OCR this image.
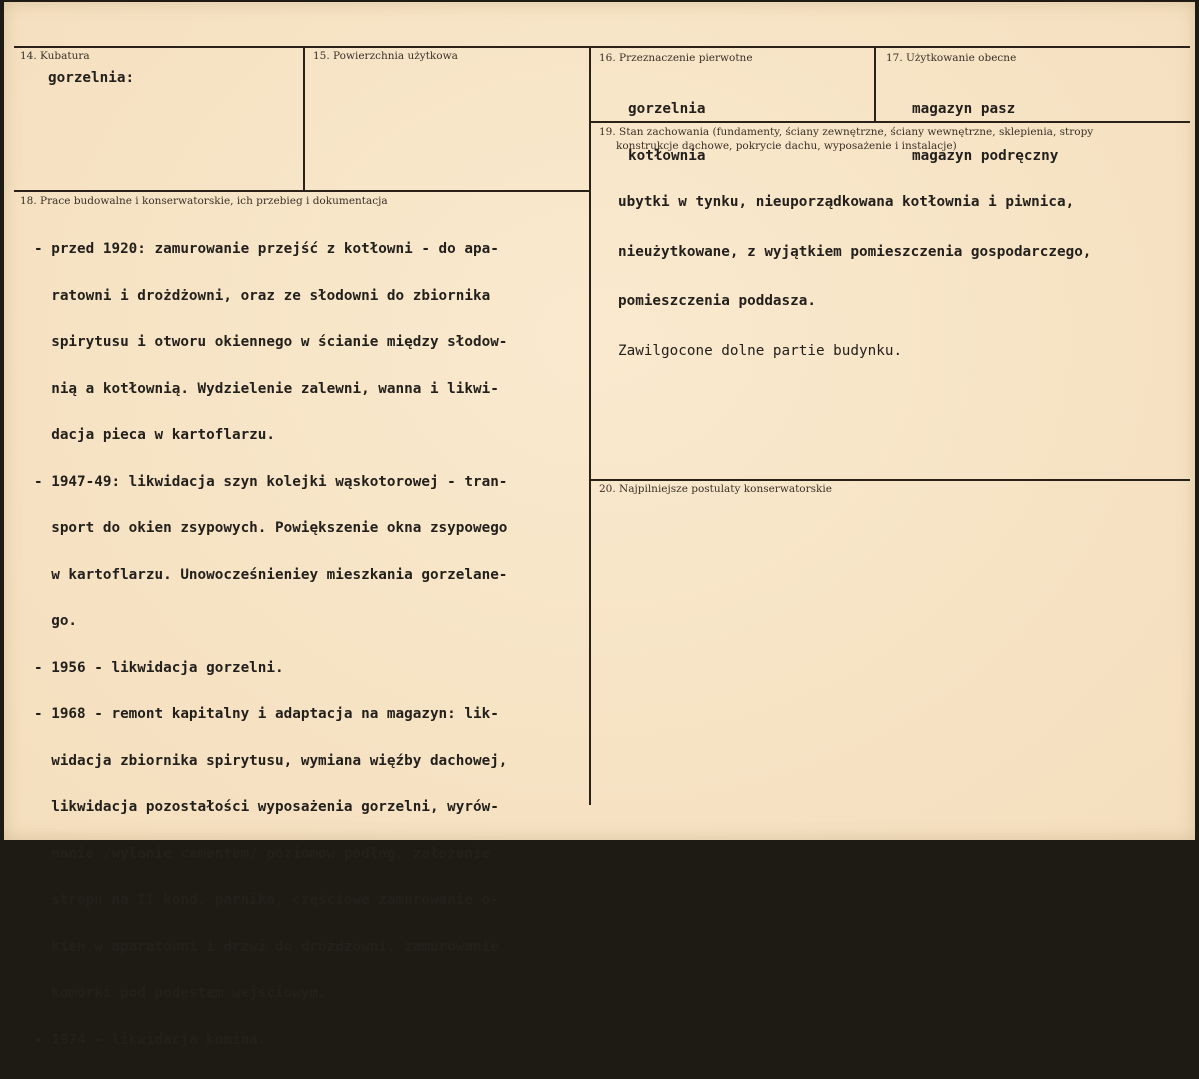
14. Kubatura
gorzelnia:
15. Powierzchnia użytkowa	16. Przeznaczenie pierwotne

gorzelnia

kotłownia

17. Użytkowanie obecne

magazyn pasz

magazyn podręczny

18. Prace budowalne i konserwatorskie, ich przebieg i dokumentacja

- przed 1920: zamurowanie przejść z kotłowni - do apa-

ratowni i drożdżowni, oraz ze słodowni do zbiornika

spirytusu i otworu okiennego w ścianie między słodow-

nią a kotłownią. Wydzielenie zalewni, wanna i likwi-

dacja pieca w kartoflarzu.

- 1947-49: likwidacja szyn kolejki wąskotorowej - tran-

sport do okien zsypowych. Powiększenie okna zsypowego

w kartoflarzu. Unowocześnieniey mieszkania gorzelane-

go.

- 1956 - likwidacja gorzelni.

- 1968 - remont kapitalny i adaptacja na magazyn: lik-

widacja zbiornika spirytusu, wymiana więźby dachowej,

likwidacja pozostałości wyposażenia gorzelni, wyrów-

nanie /wylanie cementem/ poziomów podłóg, założenie

stropu na II kond. parnika, częściowe zamurowanie o-

kien w aparatowni i drzwi do drożdżowni, zamurowanie

komórki pod podestem wejściowym.

- 1974 - likwidacja komina.

19. Stan zachowania (fundamenty, ściany zewnętrzne, ściany wewnętrzne, sklepienia, stropy
konstrukcje dachowe, pokrycie dachu, wyposażenie i instalacje)

ubytki w tynku, nieuporządkowana kotłownia i piwnica,

nieużytkowane, z wyjątkiem pomieszczenia gospodarczego,

pomieszczenia poddasza.

Zawilgocone dolne partie budynku.

20. Najpilniejsze postulaty konserwatorskie
